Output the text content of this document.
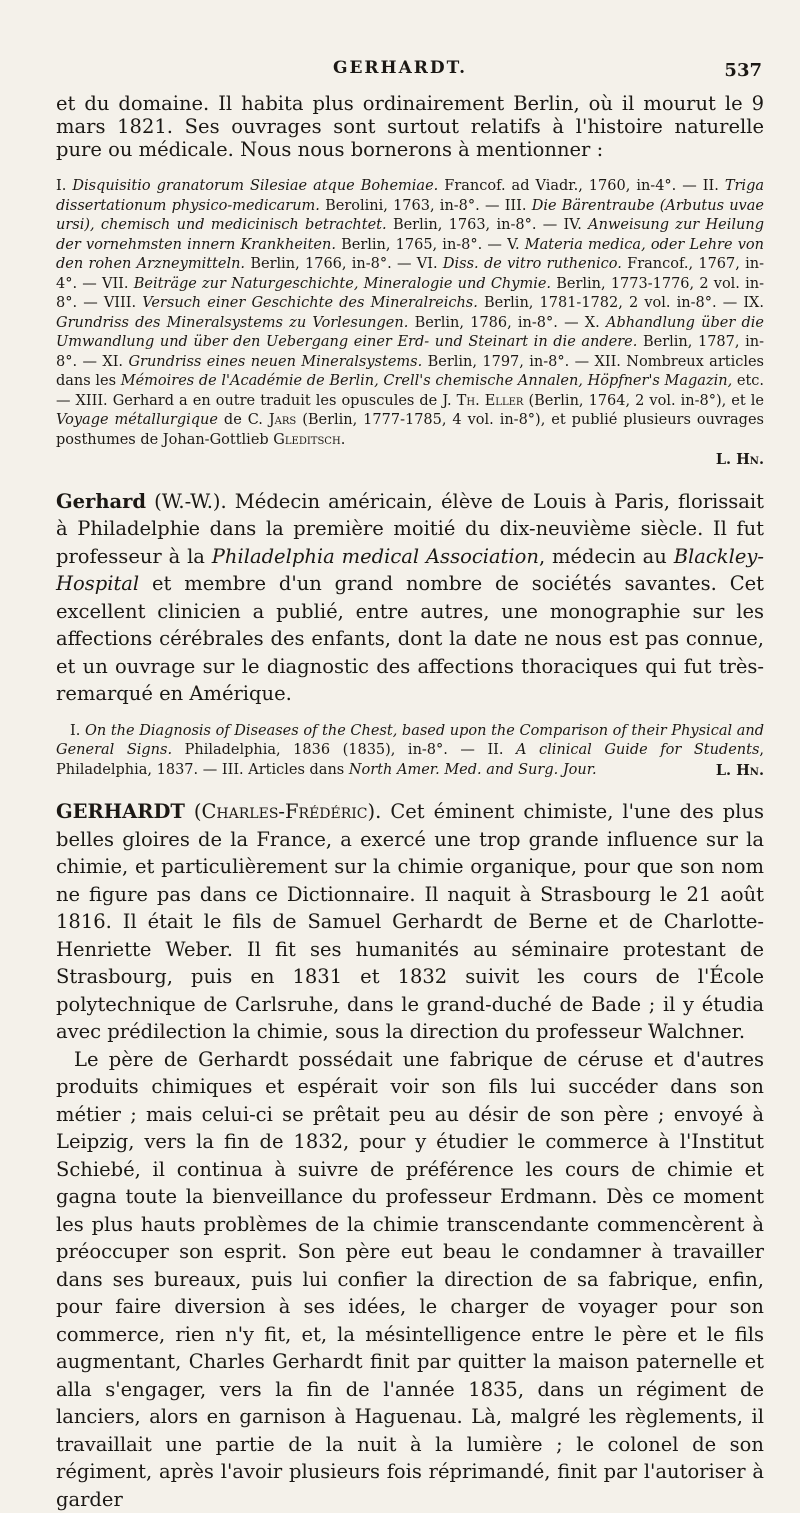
GERHARDT.	537

et du domaine. Il habita plus ordinairement Berlin, où il mourut le 9 mars 1821. Ses ouvrages sont surtout relatifs à l'histoire naturelle pure ou médicale. Nous nous bornerons à mentionner :

I. Disquisitio granatorum Silesiae atque Bohemiae. Francof. ad Viadr., 1760, in-4°. — II. Triga dissertationum physico-medicarum. Berolini, 1763, in-8°. — III. Die Bärentraube (Arbutus uvae ursi), chemisch und medicinisch betrachtet. Berlin, 1763, in-8°. — IV. Anweisung zur Heilung der vornehmsten innern Krankheiten. Berlin, 1765, in-8°. — V. Materia medica, oder Lehre von den rohen Arzneymitteln. Berlin, 1766, in-8°. — VI. Diss. de vitro ruthenico. Francof., 1767, in-4°. — VII. Beiträge zur Naturgeschichte, Mineralogie und Chymie. Berlin, 1773-1776, 2 vol. in-8°. — VIII. Versuch einer Geschichte des Mineralreichs. Berlin, 1781-1782, 2 vol. in-8°. — IX. Grundriss des Mineralsystems zu Vorlesungen. Berlin, 1786, in-8°. — X. Abhandlung über die Umwandlung und über den Uebergang einer Erd- und Steinart in die andere. Berlin, 1787, in-8°. — XI. Grundriss eines neuen Mineralsystems. Berlin, 1797, in-8°. — XII. Nombreux articles dans les Mémoires de l'Académie de Berlin, Crell's chemische Annalen, Höpfner's Magazin, etc. — XIII. Gerhard a en outre traduit les opuscules de J. Th. Eller (Berlin, 1764, 2 vol. in-8°), et le Voyage métallurgique de C. Jars (Berlin, 1777-1785, 4 vol. in-8°), et publié plusieurs ouvrages posthumes de Johan-Gottlieb Gleditsch.
L. Hn.

Gerhard (W.-W.). Médecin américain, élève de Louis à Paris, florissait à Philadelphie dans la première moitié du dix-neuvième siècle. Il fut professeur à la Philadelphia medical Association, médecin au Blackley-Hospital et membre d'un grand nombre de sociétés savantes. Cet excellent clinicien a publié, entre autres, une monographie sur les affections cérébrales des enfants, dont la date ne nous est pas connue, et un ouvrage sur le diagnostic des affections thoraciques qui fut très-remarqué en Amérique.

I. On the Diagnosis of Diseases of the Chest, based upon the Comparison of their Physical and General Signs. Philadelphia, 1836 (1835), in-8°. — II. A clinical Guide for Students, Philadelphia, 1837. — III. Articles dans North Amer. Med. and Surg. Jour.	L. Hn.

GERHARDT (Charles-Frédéric). Cet éminent chimiste, l'une des plus belles gloires de la France, a exercé une trop grande influence sur la chimie, et particulièrement sur la chimie organique, pour que son nom ne figure pas dans ce Dictionnaire. Il naquit à Strasbourg le 21 août 1816. Il était le fils de Samuel Gerhardt de Berne et de Charlotte-Henriette Weber. Il fit ses humanités au séminaire protestant de Strasbourg, puis en 1831 et 1832 suivit les cours de l'École polytechnique de Carlsruhe, dans le grand-duché de Bade ; il y étudia avec prédilection la chimie, sous la direction du professeur Walchner.

Le père de Gerhardt possédait une fabrique de céruse et d'autres produits chimiques et espérait voir son fils lui succéder dans son métier ; mais celui-ci se prêtait peu au désir de son père ; envoyé à Leipzig, vers la fin de 1832, pour y étudier le commerce à l'Institut Schiebé, il continua à suivre de préférence les cours de chimie et gagna toute la bienveillance du professeur Erdmann. Dès ce moment les plus hauts problèmes de la chimie transcendante commencèrent à préoccuper son esprit. Son père eut beau le condamner à travailler dans ses bureaux, puis lui confier la direction de sa fabrique, enfin, pour faire diversion à ses idées, le charger de voyager pour son commerce, rien n'y fit, et, la mésintelligence entre le père et le fils augmentant, Charles Gerhardt finit par quitter la maison paternelle et alla s'engager, vers la fin de l'année 1835, dans un régiment de lanciers, alors en garnison à Haguenau. Là, malgré les règlements, il travaillait une partie de la nuit à la lumière ; le colonel de son régiment, après l'avoir plusieurs fois réprimandé, finit par l'autoriser à garder
